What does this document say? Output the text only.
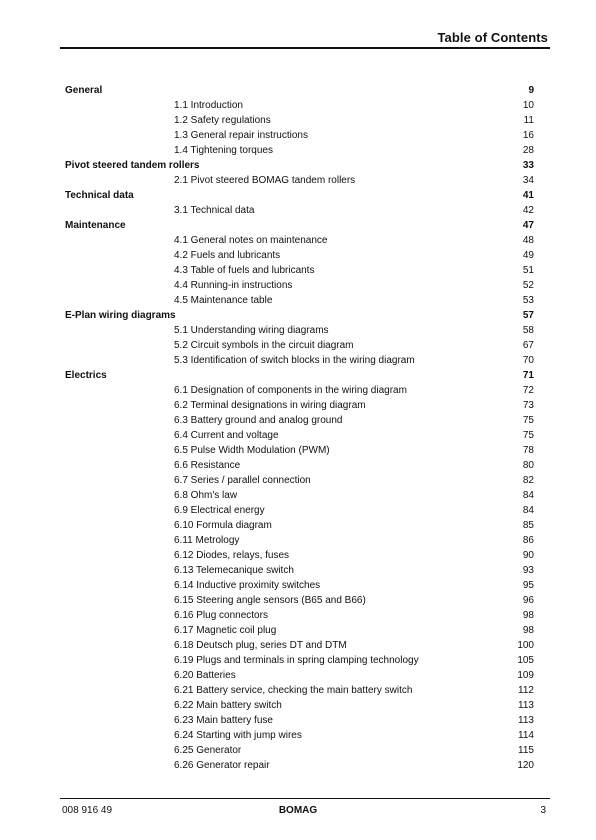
Table of Contents
General	9
1.1 Introduction	10
1.2 Safety regulations	11
1.3 General repair instructions	16
1.4 Tightening torques	28
Pivot steered tandem rollers	33
2.1 Pivot steered BOMAG tandem rollers	34
Technical data	41
3.1 Technical data	42
Maintenance	47
4.1 General notes on maintenance	48
4.2 Fuels and lubricants	49
4.3 Table of fuels and lubricants	51
4.4 Running-in instructions	52
4.5 Maintenance table	53
E-Plan wiring diagrams	57
5.1 Understanding wiring diagrams	58
5.2 Circuit symbols in the circuit diagram	67
5.3 Identification of switch blocks in the wiring diagram	70
Electrics	71
6.1 Designation of components in the wiring diagram	72
6.2 Terminal designations in wiring diagram	73
6.3 Battery ground and analog ground	75
6.4 Current and voltage	75
6.5 Pulse Width Modulation (PWM)	78
6.6 Resistance	80
6.7 Series / parallel connection	82
6.8 Ohm's law	84
6.9 Electrical energy	84
6.10 Formula diagram	85
6.11 Metrology	86
6.12 Diodes, relays, fuses	90
6.13 Telemecanique switch	93
6.14 Inductive proximity switches	95
6.15 Steering angle sensors (B65 and B66)	96
6.16 Plug connectors	98
6.17 Magnetic coil plug	98
6.18 Deutsch plug, series DT and DTM	100
6.19 Plugs and terminals in spring clamping technology	105
6.20 Batteries	109
6.21 Battery service, checking the main battery switch	112
6.22 Main battery switch	113
6.23 Main battery fuse	113
6.24 Starting with jump wires	114
6.25 Generator	115
6.26 Generator repair	120
008 916 49	BOMAG	3
